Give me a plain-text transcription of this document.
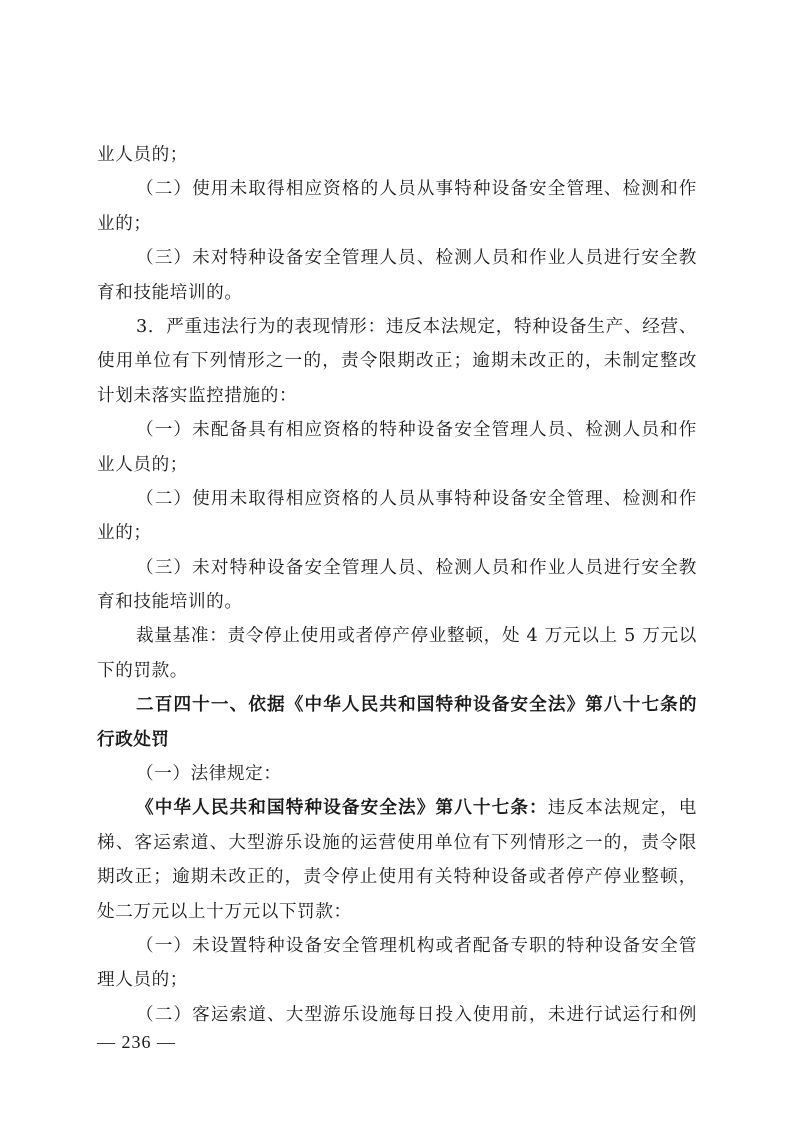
业人员的；
（二）使用未取得相应资格的人员从事特种设备安全管理、检测和作
业的；
（三）未对特种设备安全管理人员、检测人员和作业人员进行安全教
育和技能培训的。
3．严重违法行为的表现情形：违反本法规定，特种设备生产、经营、
使用单位有下列情形之一的，责令限期改正；逾期未改正的，未制定整改
计划未落实监控措施的：
（一）未配备具有相应资格的特种设备安全管理人员、检测人员和作
业人员的；
（二）使用未取得相应资格的人员从事特种设备安全管理、检测和作
业的；
（三）未对特种设备安全管理人员、检测人员和作业人员进行安全教
育和技能培训的。
裁量基准：责令停止使用或者停产停业整顿，处 4 万元以上 5 万元以
下的罚款。
二百四十一、依据《中华人民共和国特种设备安全法》第八十七条的
行政处罚
（一）法律规定：
《中华人民共和国特种设备安全法》第八十七条：违反本法规定，电
梯、客运索道、大型游乐设施的运营使用单位有下列情形之一的，责令限
期改正；逾期未改正的，责令停止使用有关特种设备或者停产停业整顿，
处二万元以上十万元以下罚款：
（一）未设置特种设备安全管理机构或者配备专职的特种设备安全管
理人员的；
（二）客运索道、大型游乐设施每日投入使用前，未进行试运行和例
— 236 —
